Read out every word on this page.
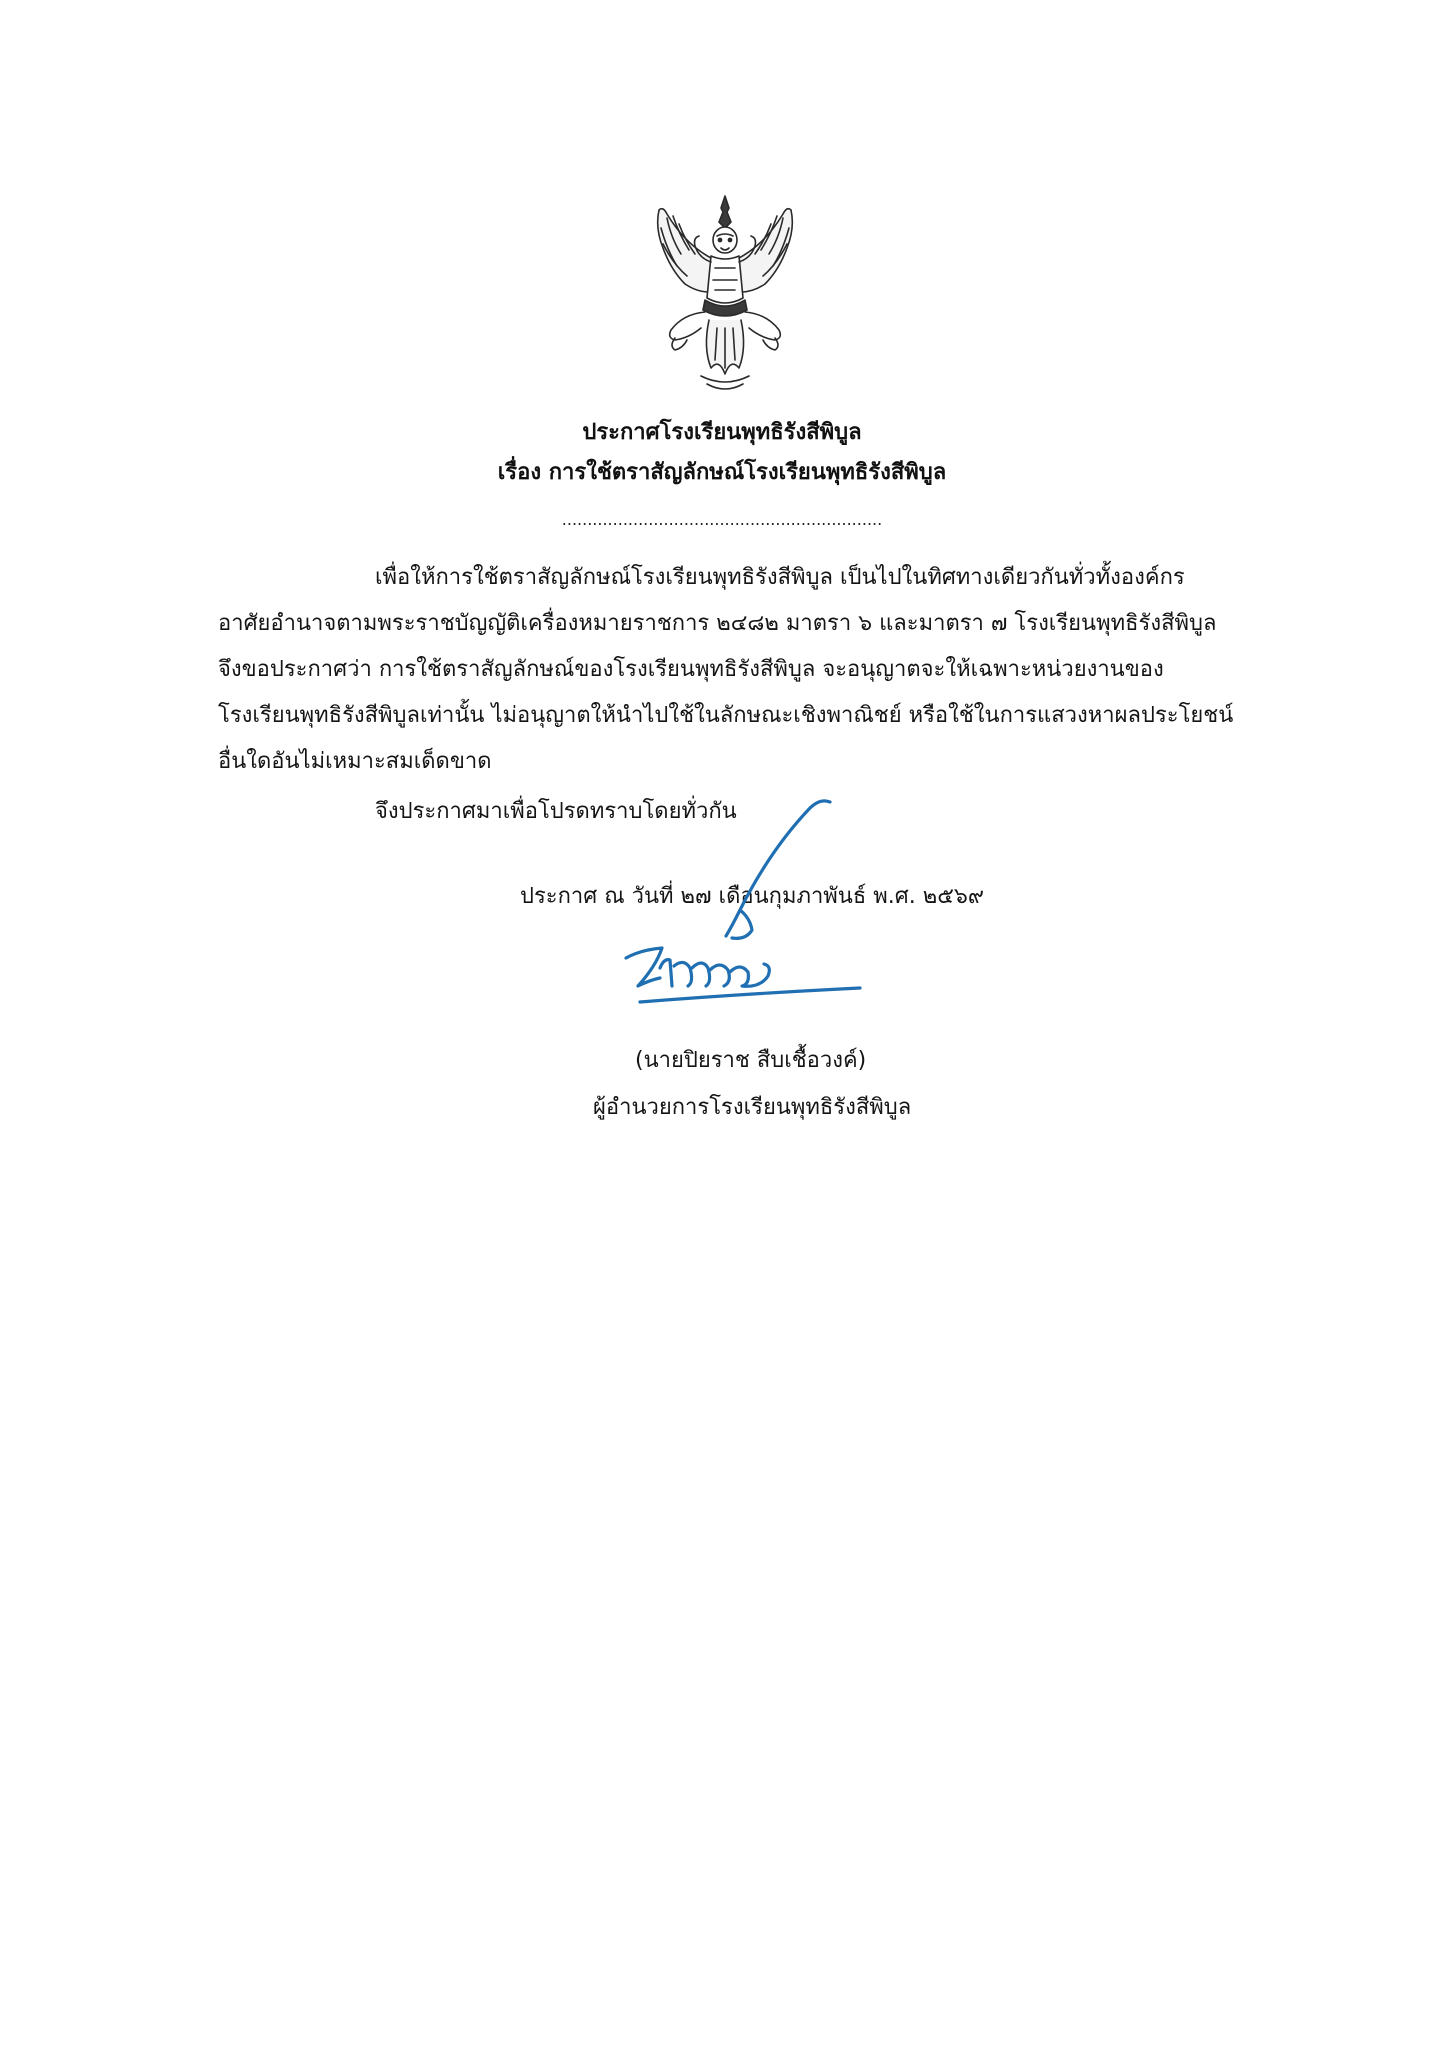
ประกาศโรงเรียนพุทธิรังสีพิบูล
เรื่อง การใช้ตราสัญลักษณ์โรงเรียนพุทธิรังสีพิบูล
...............................................................
เพื่อให้การใช้ตราสัญลักษณ์โรงเรียนพุทธิรังสีพิบูล เป็นไปในทิศทางเดียวกันทั่วทั้งองค์กร
อาศัยอำนาจตามพระราชบัญญัติเครื่องหมายราชการ ๒๔๘๒ มาตรา ๖ และมาตรา ๗ โรงเรียนพุทธิรังสีพิบูล
จึงขอประกาศว่า การใช้ตราสัญลักษณ์ของโรงเรียนพุทธิรังสีพิบูล จะอนุญาตจะให้เฉพาะหน่วยงานของ
โรงเรียนพุทธิรังสีพิบูลเท่านั้น ไม่อนุญาตให้นำไปใช้ในลักษณะเชิงพาณิชย์ หรือใช้ในการแสวงหาผลประโยชน์
อื่นใดอันไม่เหมาะสมเด็ดขาด
จึงประกาศมาเพื่อโปรดทราบโดยทั่วกัน
ประกาศ ณ วันที่ ๒๗ เดือนกุมภาพันธ์ พ.ศ. ๒๕๖๙
(นายปิยราช สืบเชื้อวงค์)
ผู้อำนวยการโรงเรียนพุทธิรังสีพิบูล
